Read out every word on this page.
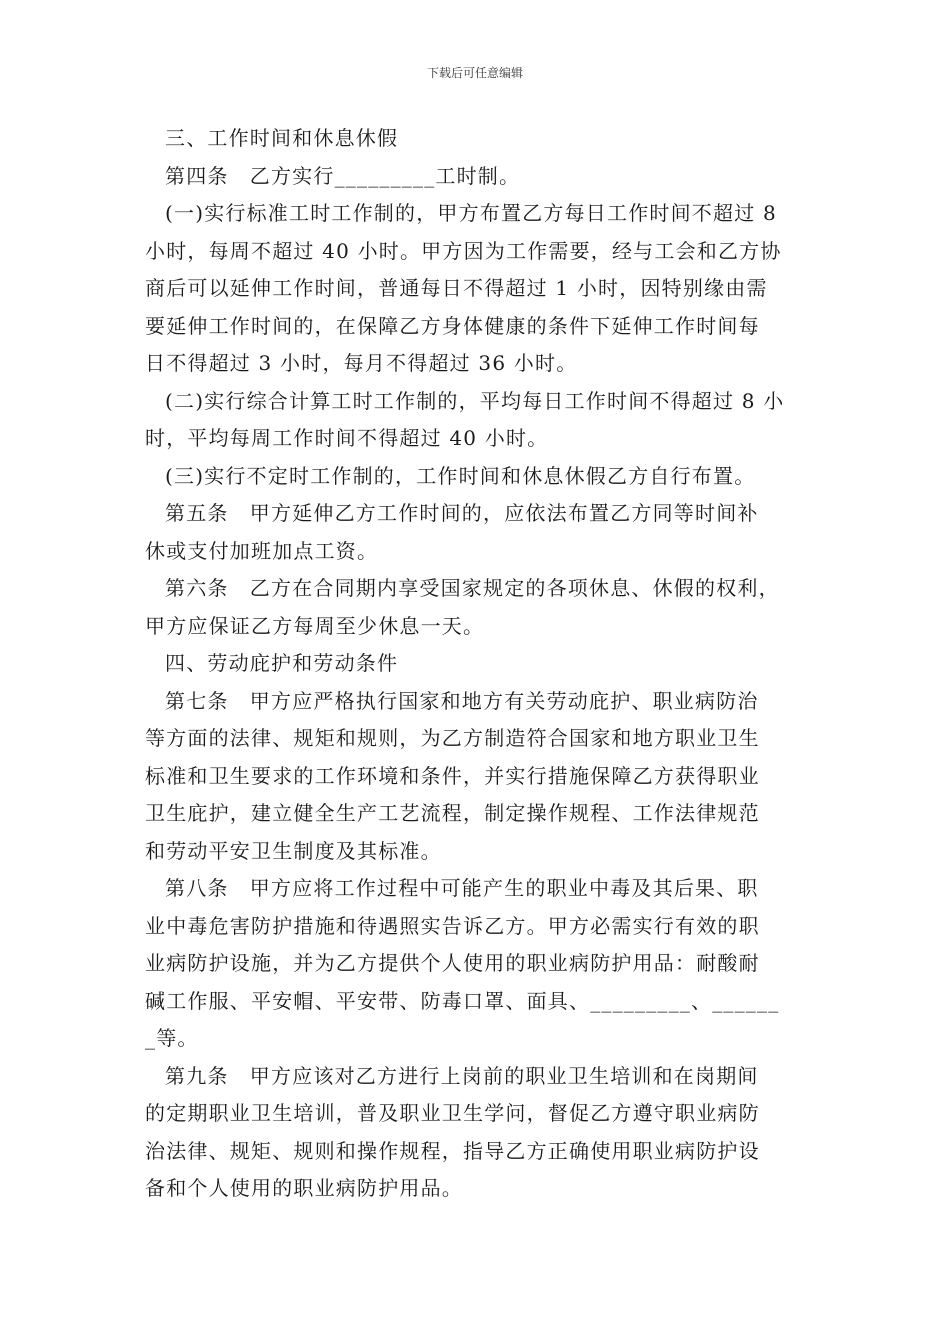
下载后可任意编辑
三、工作时间和休息休假
第四条　乙方实行_________工时制。
(一)实行标准工时工作制的，甲方布置乙方每日工作时间不超过 8
小时，每周不超过 40 小时。甲方因为工作需要，经与工会和乙方协
商后可以延伸工作时间，普通每日不得超过 1 小时，因特别缘由需
要延伸工作时间的，在保障乙方身体健康的条件下延伸工作时间每
日不得超过 3 小时，每月不得超过 36 小时。
(二)实行综合计算工时工作制的，平均每日工作时间不得超过 8 小
时，平均每周工作时间不得超过 40 小时。
(三)实行不定时工作制的，工作时间和休息休假乙方自行布置。
第五条　甲方延伸乙方工作时间的，应依法布置乙方同等时间补
休或支付加班加点工资。
第六条　乙方在合同期内享受国家规定的各项休息、休假的权利，
甲方应保证乙方每周至少休息一天。
四、劳动庇护和劳动条件
第七条　甲方应严格执行国家和地方有关劳动庇护、职业病防治
等方面的法律、规矩和规则，为乙方制造符合国家和地方职业卫生
标准和卫生要求的工作环境和条件，并实行措施保障乙方获得职业
卫生庇护，建立健全生产工艺流程，制定操作规程、工作法律规范
和劳动平安卫生制度及其标准。
第八条　甲方应将工作过程中可能产生的职业中毒及其后果、职
业中毒危害防护措施和待遇照实告诉乙方。甲方必需实行有效的职
业病防护设施，并为乙方提供个人使用的职业病防护用品：耐酸耐
碱工作服、平安帽、平安带、防毒口罩、面具、_________、______
_等。
第九条　甲方应该对乙方进行上岗前的职业卫生培训和在岗期间
的定期职业卫生培训，普及职业卫生学问，督促乙方遵守职业病防
治法律、规矩、规则和操作规程，指导乙方正确使用职业病防护设
备和个人使用的职业病防护用品。
